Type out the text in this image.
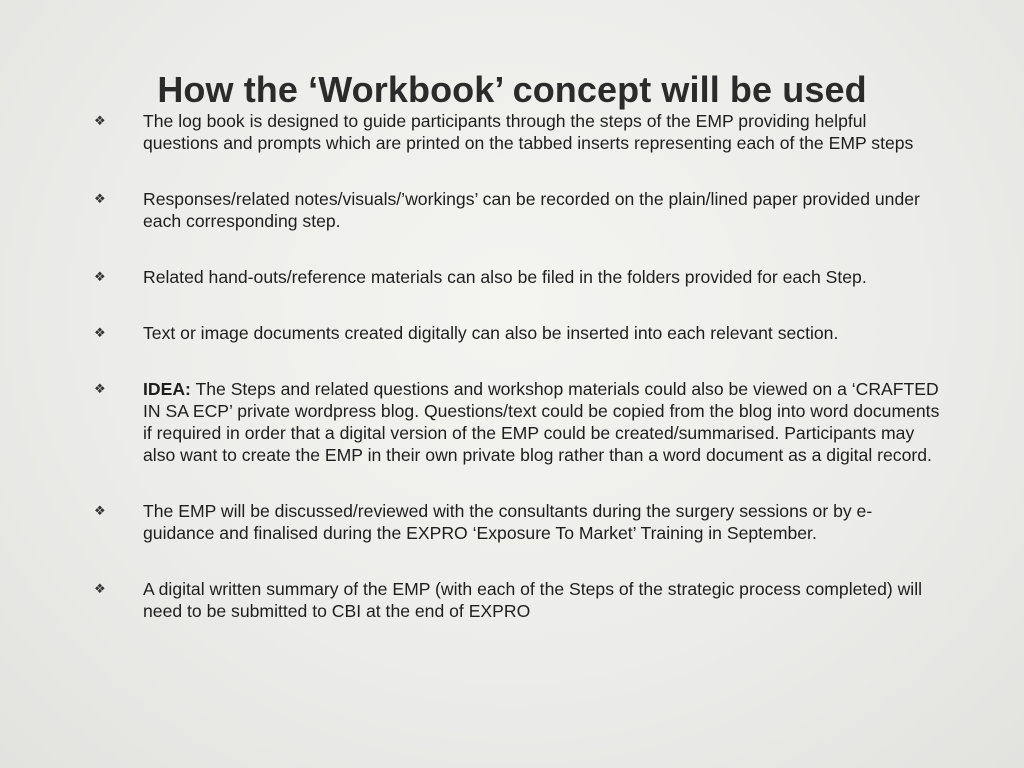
How the ‘Workbook’ concept will be used
❖ The log book is designed to guide participants through the steps of the EMP providing helpful questions and prompts which are printed on the tabbed inserts representing each of the EMP steps
❖ Responses/related notes/visuals/’workings’ can be recorded on the plain/lined paper provided under each corresponding step.
❖ Related hand-outs/reference materials can also be filed in the folders provided for each Step.
❖ Text or image documents created digitally can also be inserted into each relevant section.
❖ IDEA: The Steps and related questions and workshop materials could also be viewed on a ‘CRAFTED IN SA ECP’ private wordpress blog. Questions/text could be copied from the blog into word documents if required in order that a digital version of the EMP could be created/summarised. Participants may also want to create the EMP in their own private blog rather than a word document as a digital record.
❖ The EMP will be discussed/reviewed with the consultants during the surgery sessions or by e-guidance and finalised during the EXPRO ‘Exposure To Market’ Training in September.
❖ A digital written summary of the EMP (with each of the Steps of the strategic process completed) will need to be submitted to CBI at the end of EXPRO
